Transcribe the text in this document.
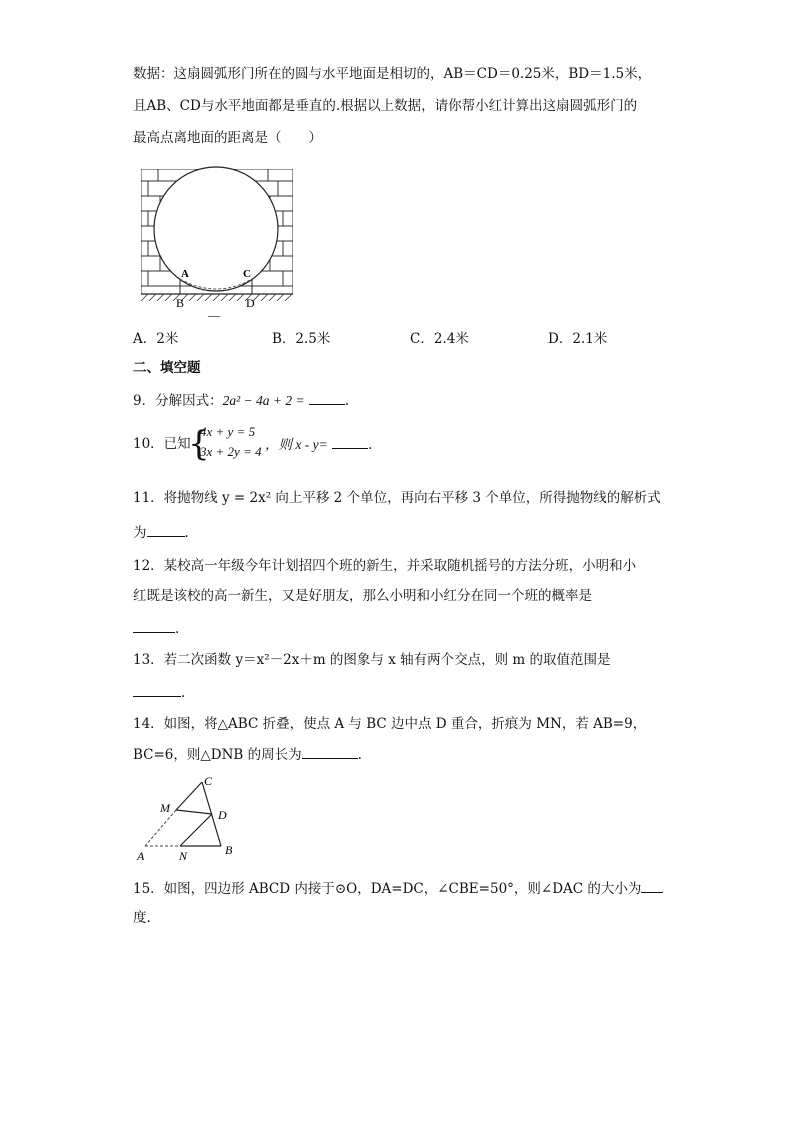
数据：这扇圆弧形门所在的圆与水平地面是相切的，AB＝CD＝0.25米，BD＝1.5米，
且AB、CD与水平地面都是垂直的.根据以上数据，请你帮小红计算出这扇圆弧形门的
最高点离地面的距离是（　　）
A	C
B	D
—
A．2米	B．2.5米	C．2.4米	D．2.1米
二、填空题
9．分解因式：2a² − 4a + 2 =	.
10．已知
{
4x + y = 5
3x + 2y = 4 ，则 x - y=	.
11．将抛物线 y = 2x² 向上平移 2 个单位，再向右平移 3 个单位，所得抛物线的解析式
为	.
12．某校高一年级今年计划招四个班的新生，并采取随机摇号的方法分班，小明和小
红既是该校的高一新生，又是好朋友，那么小明和小红分在同一个班的概率是
.
13．若二次函数 y＝x²－2x＋m 的图象与 x 轴有两个交点，则 m 的取值范围是
.
14．如图，将△ABC 折叠，使点 A 与 BC 边中点 D 重合，折痕为 MN，若 AB=9，
BC=6，则△DNB 的周长为	.
C
M	D
A	N	B
15．如图，四边形 ABCD 内接于⊙O，DA=DC，∠CBE=50°，则∠DAC 的大小为
度.
